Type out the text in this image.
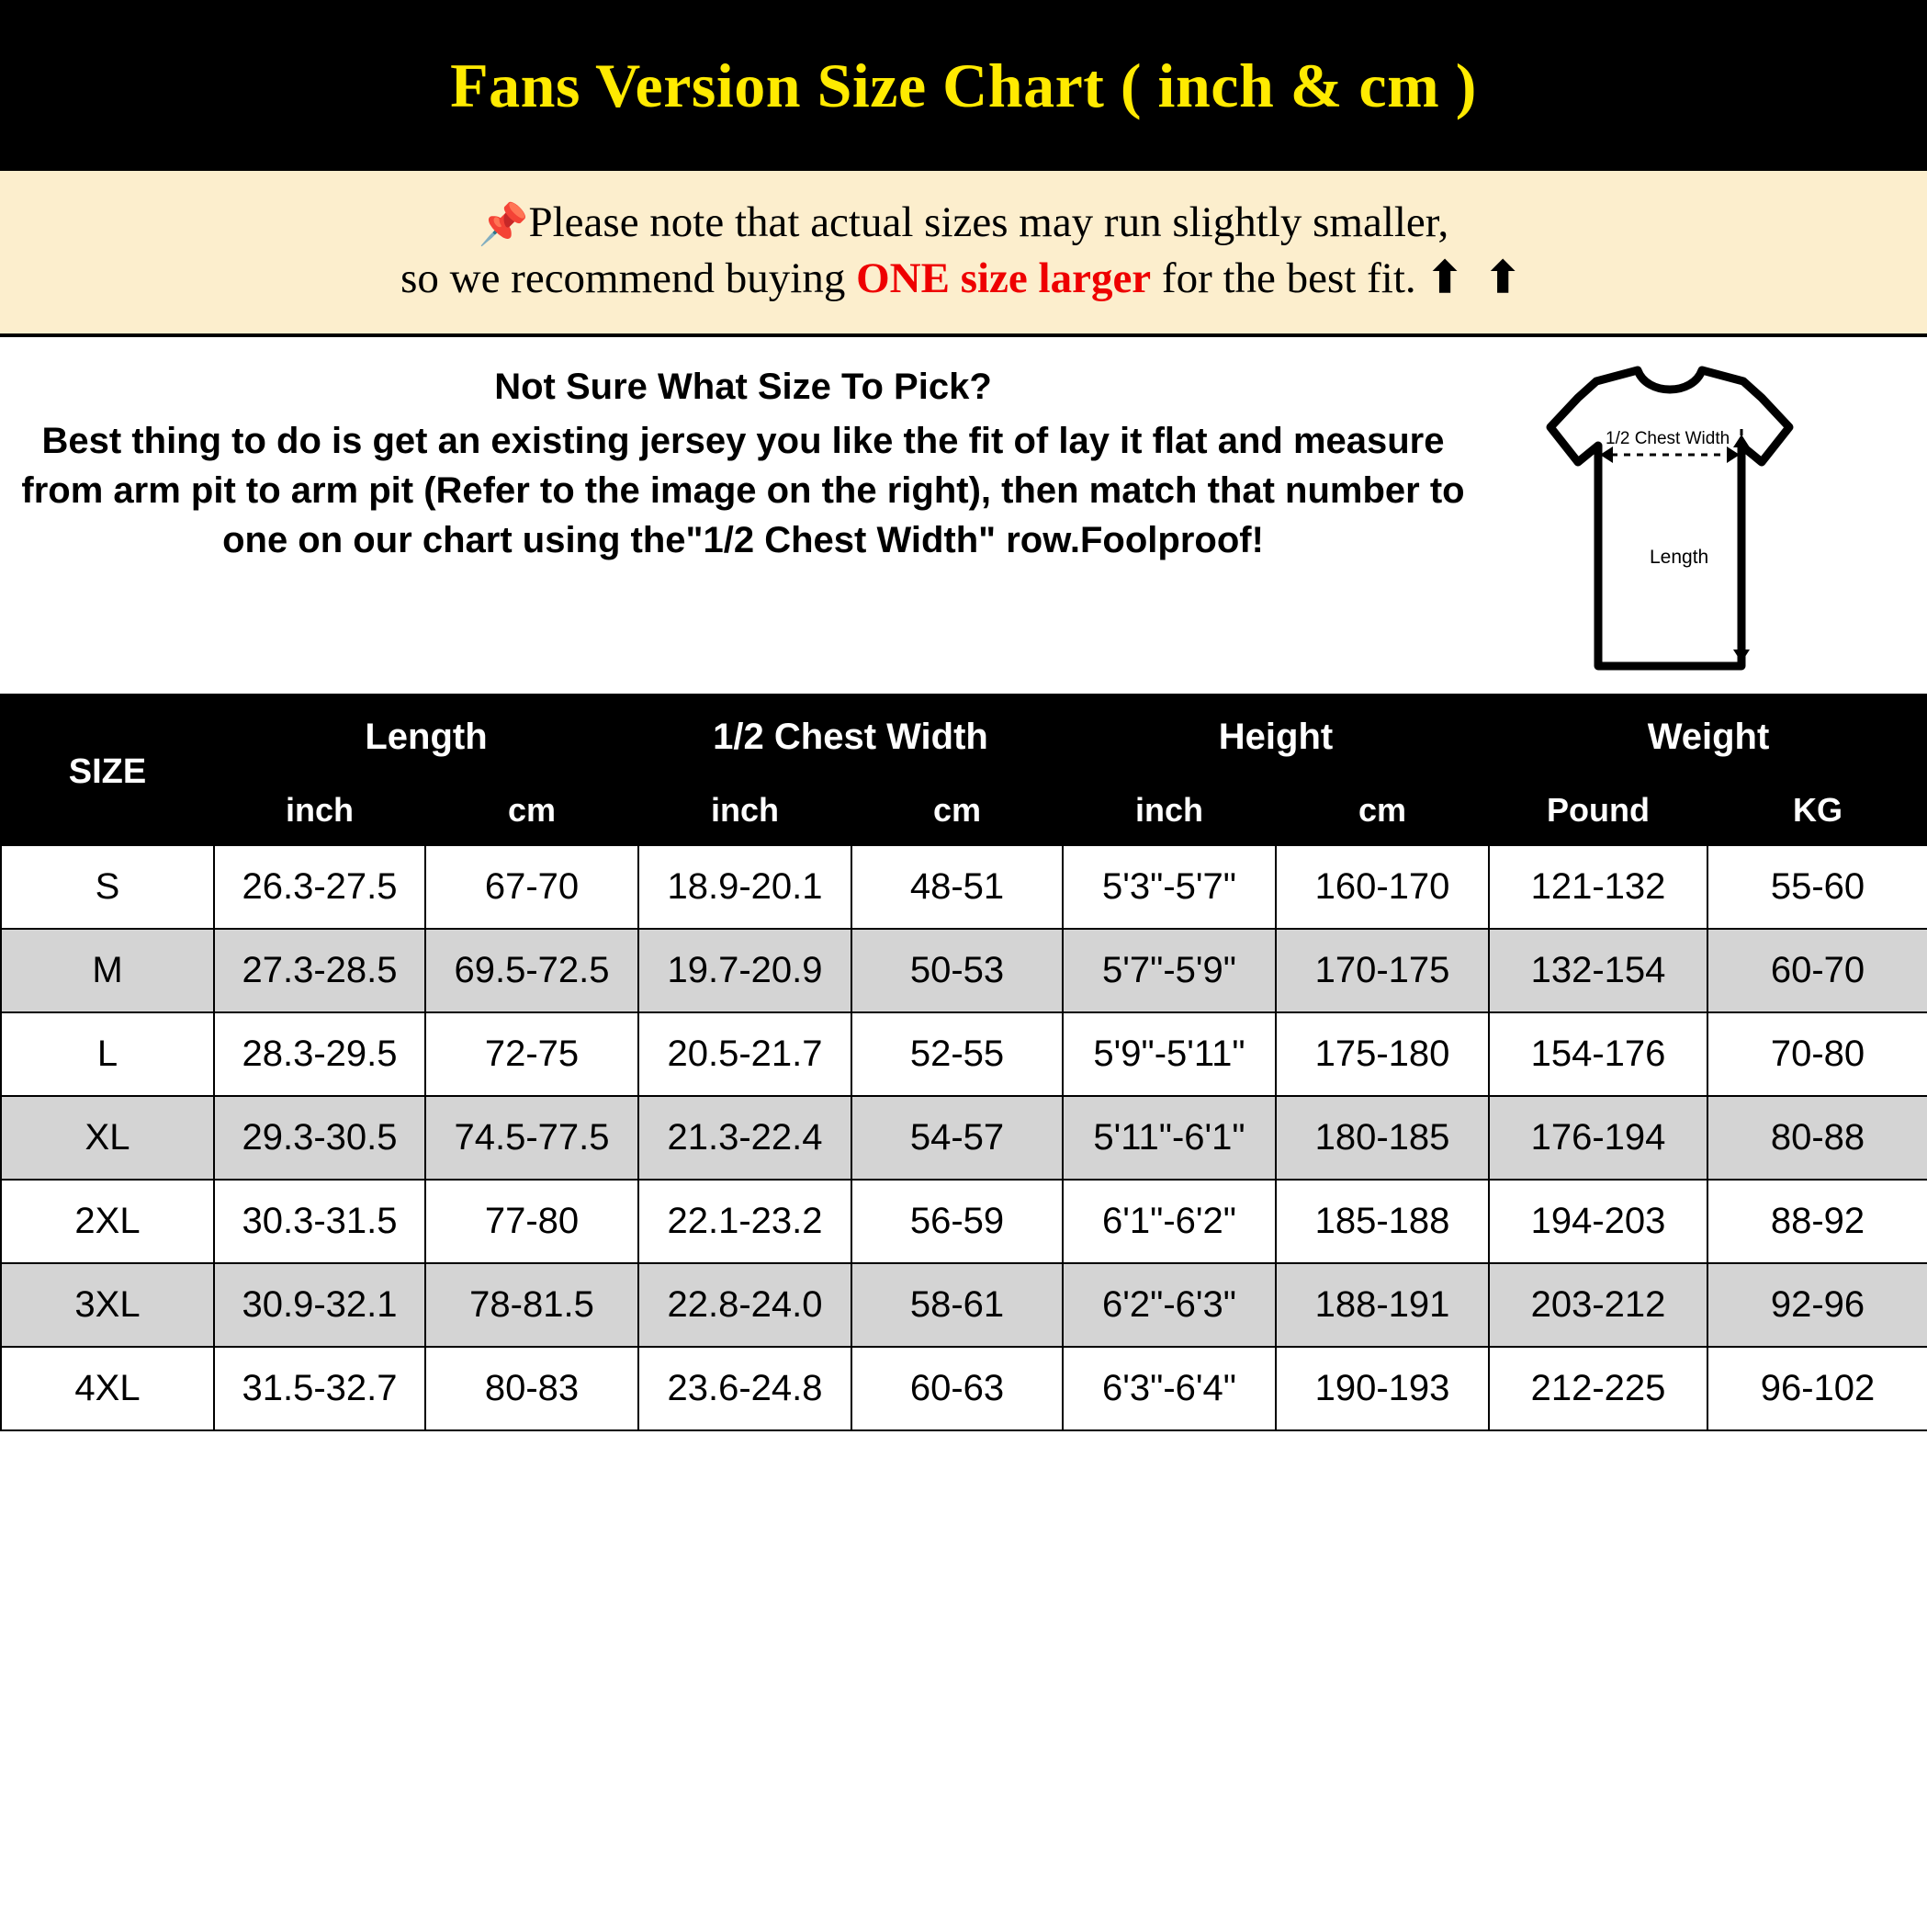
Fans Version Size Chart ( inch & cm )
📌Please note that actual sizes may run slightly smaller,
so we recommend buying ONE size larger for the best fit. ⬆ ⬆
Not Sure What Size To Pick?
Best thing to do is get an existing jersey you like the fit of lay it flat and measure from arm pit to arm pit (Refer to the image on the right), then match that number to one on our chart using the"1/2 Chest Width" row.Foolproof!
1/2 Chest Width
Length
SIZE	Length		1/2 Chest Width		Height		Weight	
	inch	cm	inch	cm	inch	cm	Pound	KG
S	26.3-27.5	67-70	18.9-20.1	48-51	5'3"-5'7"	160-170	121-132	55-60
M	27.3-28.5	69.5-72.5	19.7-20.9	50-53	5'7"-5'9"	170-175	132-154	60-70
L	28.3-29.5	72-75	20.5-21.7	52-55	5'9"-5'11"	175-180	154-176	70-80
XL	29.3-30.5	74.5-77.5	21.3-22.4	54-57	5'11"-6'1"	180-185	176-194	80-88
2XL	30.3-31.5	77-80	22.1-23.2	56-59	6'1"-6'2"	185-188	194-203	88-92
3XL	30.9-32.1	78-81.5	22.8-24.0	58-61	6'2"-6'3"	188-191	203-212	92-96
4XL	31.5-32.7	80-83	23.6-24.8	60-63	6'3"-6'4"	190-193	212-225	96-102
